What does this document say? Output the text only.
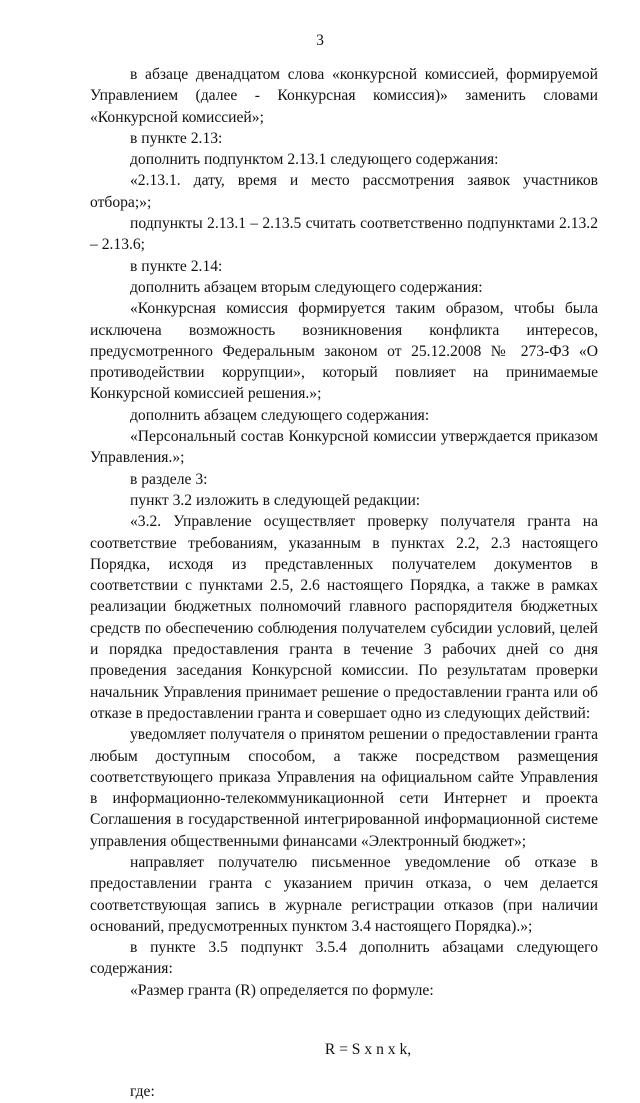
3

в абзаце двенадцатом слова «конкурсной комиссией, формируемой Управлением (далее - Конкурсная комиссия)» заменить словами «Конкурсной комиссией»;

в пункте 2.13:

дополнить подпунктом 2.13.1 следующего содержания:

«2.13.1. дату, время и место рассмотрения заявок участников отбора;»;

подпункты 2.13.1 – 2.13.5 считать соответственно подпунктами 2.13.2 – 2.13.6;

в пункте 2.14:

дополнить абзацем вторым следующего содержания:

«Конкурсная комиссия формируется таким образом, чтобы была исключена возможность возникновения конфликта интересов, предусмотренного Федеральным законом от 25.12.2008 № 273-ФЗ «О противодействии коррупции», который повлияет на принимаемые Конкурсной комиссией решения.»;

дополнить абзацем следующего содержания:

«Персональный состав Конкурсной комиссии утверждается приказом Управления.»;

в разделе 3:

пункт 3.2 изложить в следующей редакции:

«3.2. Управление осуществляет проверку получателя гранта на соответствие требованиям, указанным в пунктах 2.2, 2.3 настоящего Порядка, исходя из представленных получателем документов в соответствии с пунктами 2.5, 2.6 настоящего Порядка, а также в рамках реализации бюджетных полномочий главного распорядителя бюджетных средств по обеспечению соблюдения получателем субсидии условий, целей и порядка предоставления гранта в течение 3 рабочих дней со дня проведения заседания Конкурсной комиссии. По результатам проверки начальник Управления принимает решение о предоставлении гранта или об отказе в предоставлении гранта и совершает одно из следующих действий:

уведомляет получателя о принятом решении о предоставлении гранта любым доступным способом, а также посредством размещения соответствующего приказа Управления на официальном сайте Управления в информационно-телекоммуникационной сети Интернет и проекта Соглашения в государственной интегрированной информационной системе управления общественными финансами «Электронный бюджет»;

направляет получателю письменное уведомление об отказе в предоставлении гранта с указанием причин отказа, о чем делается соответствующая запись в журнале регистрации отказов (при наличии оснований, предусмотренных пунктом 3.4 настоящего Порядка).»;

в пункте 3.5 подпункт 3.5.4 дополнить абзацами следующего содержания:

«Размер гранта (R) определяется по формуле:

R = S x n x k,

где:
